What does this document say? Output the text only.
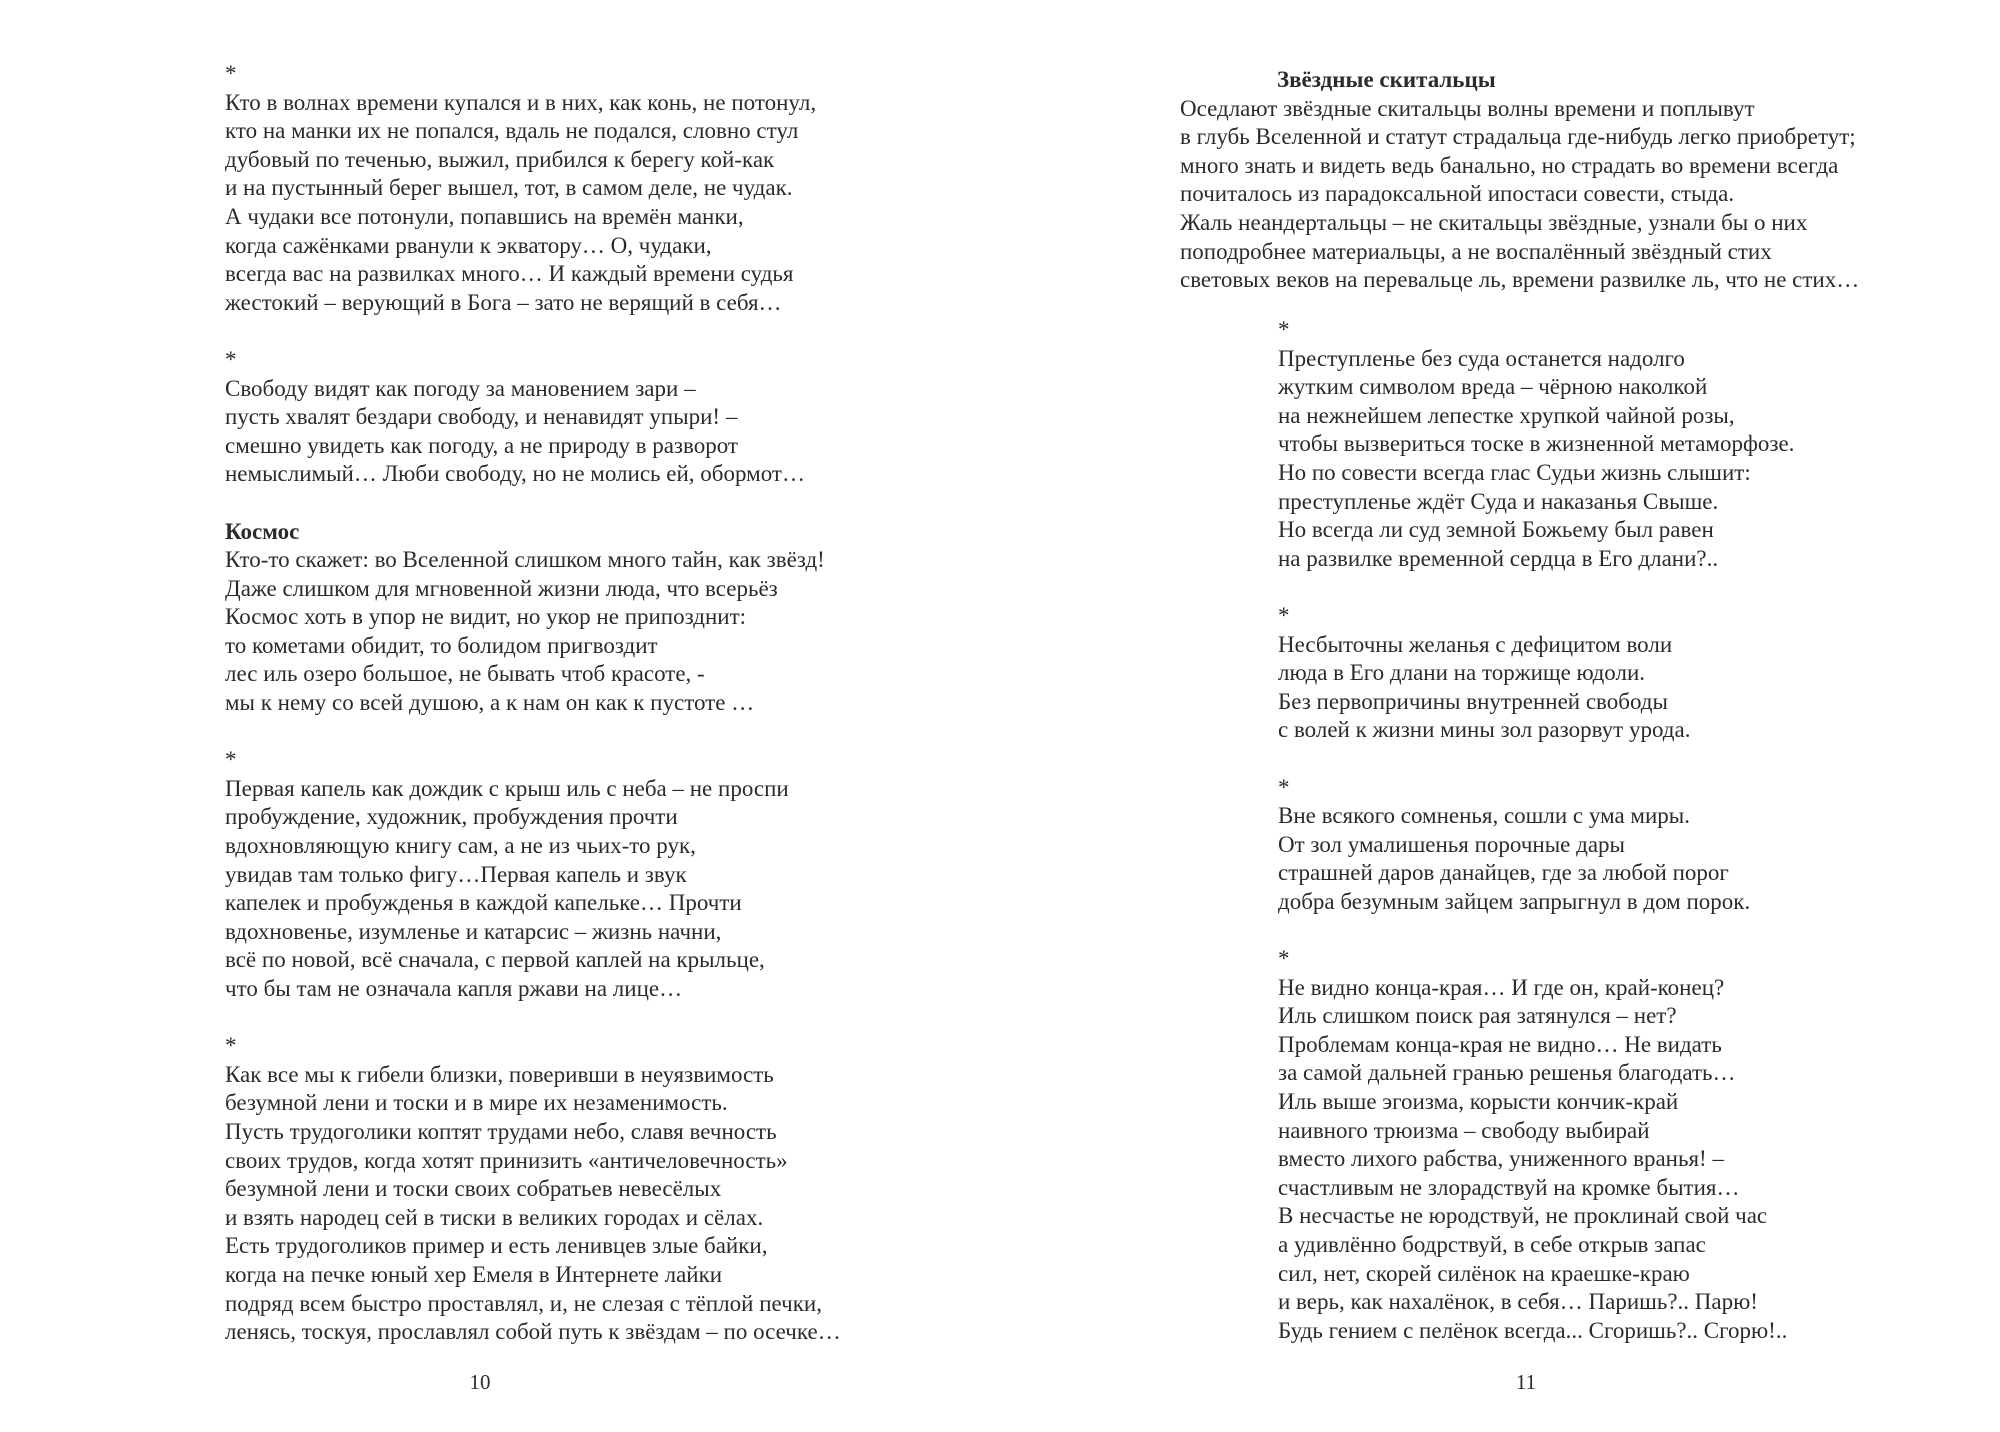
*
Кто в волнах времени купался и в них, как конь, не потонул,
кто на манки их не попался, вдаль не подался, словно стул
дубовый по теченью, выжил, прибился к берегу кой-как
и на пустынный берег вышел, тот, в самом деле, не чудак.
А чудаки все потонули, попавшись на времён манки,
когда сажёнками рванули к экватору… О, чудаки,
всегда вас на развилках много… И каждый времени судья
жестокий – верующий в Бога – зато не верящий в себя…
*
Свободу видят как погоду за мановением зари –
пусть хвалят бездари свободу, и ненавидят упыри! –
смешно увидеть как погоду, а не природу в разворот
немыслимый… Люби свободу, но не молись ей, обормот…
Космос
Кто-то скажет: во Вселенной слишком много тайн, как звёзд!
Даже слишком для мгновенной жизни люда, что всерьёз
Космос хоть в упор не видит, но укор не припозднит:
то кометами обидит, то болидом пригвоздит
лес иль озеро большое, не бывать чтоб красоте, -
мы к нему со всей душою, а к нам он как к пустоте …
*
Первая капель как дождик с крыш иль с неба – не проспи
пробуждение, художник, пробуждения прочти
вдохновляющую книгу сам, а не из чьих-то рук,
увидав там только фигу…Первая капель и звук
капелек и пробужденья в каждой капельке… Прочти
вдохновенье, изумленье и катарсис – жизнь начни,
всё по новой, всё сначала, с первой каплей на крыльце,
что бы там не означала капля ржави на лице…
*
Как все мы к гибели близки, поверивши в неуязвимость
безумной лени и тоски и в мире их незаменимость.
Пусть трудоголики коптят трудами небо, славя вечность
своих трудов, когда хотят принизить «античеловечность»
безумной лени и тоски своих собратьев невесёлых
и взять народец сей в тиски в великих городах и сёлах.
Есть трудоголиков пример и есть ленивцев злые байки,
когда на печке юный хер Емеля в Интернете лайки
подряд всем быстро проставлял, и, не слезая с тёплой печки,
ленясь, тоскуя, прославлял собой путь к звёздам – по осечке…
10
Звёздные скитальцы
Оседлают звёздные скитальцы волны времени и поплывут
в глубь Вселенной и статут страдальца где-нибудь легко приобретут;
много знать и видеть ведь банально, но страдать во времени всегда
почиталось из парадоксальной ипостаси совести, стыда.
Жаль неандертальцы – не скитальцы звёздные, узнали бы о них
поподробнее материальцы, а не воспалённый звёздный стих
световых веков на перевальце ль, времени развилке ль, что не стих…
*
Преступленье без суда останется надолго
жутким символом вреда – чёрною наколкой
на нежнейшем лепестке хрупкой чайной розы,
чтобы вызвериться тоске в жизненной метаморфозе.
Но по совести всегда глас Судьи жизнь слышит:
преступленье ждёт Суда и наказанья Свыше.
Но всегда ли суд земной Божьему был равен
на развилке временной сердца в Его длани?..
*
Несбыточны желанья с дефицитом воли
люда в Его длани на торжище юдоли.
Без первопричины внутренней свободы
с волей к жизни мины зол разорвут урода.
*
Вне всякого сомненья, сошли с ума миры.
От зол умалишенья порочные дары
страшней даров данайцев, где за любой порог
добра безумным зайцем запрыгнул в дом порок.
*
Не видно конца-края… И где он, край-конец?
Иль слишком поиск рая затянулся – нет?
Проблемам конца-края не видно… Не видать
за самой дальней гранью решенья благодать…
Иль выше эгоизма, корысти кончик-край
наивного трюизма – свободу выбирай
вместо лихого рабства, униженного вранья! –
счастливым не злорадствуй на кромке бытия…
В несчастье не юродствуй, не проклинай свой час
а удивлённо бодрствуй, в себе открыв запас
сил, нет, скорей силёнок на краешке-краю
и верь, как нахалёнок, в себя… Паришь?.. Парю!
Будь гением с пелёнок всегда... Сгоришь?.. Сгорю!..
11
